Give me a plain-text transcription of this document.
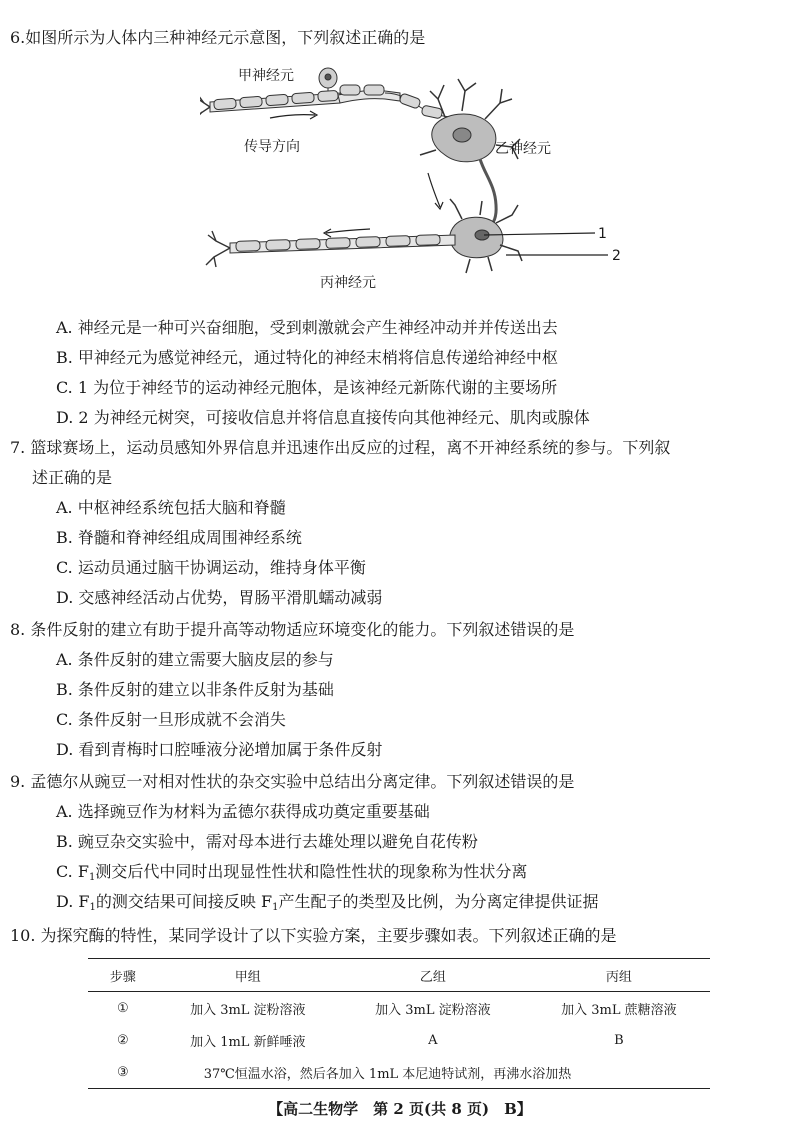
6.如图所示为人体内三种神经元示意图，下列叙述正确的是
甲神经元
传导方向	乙神经元
丙神经元
1
2
A. 神经元是一种可兴奋细胞，受到刺激就会产生神经冲动并并传送出去
B. 甲神经元为感觉神经元，通过特化的神经末梢将信息传递给神经中枢
C. 1 为位于神经节的运动神经元胞体，是该神经元新陈代谢的主要场所
D. 2 为神经元树突，可接收信息并将信息直接传向其他神经元、肌肉或腺体
7. 篮球赛场上，运动员感知外界信息并迅速作出反应的过程，离不开神经系统的参与。下列叙
述正确的是
A. 中枢神经系统包括大脑和脊髓
B. 脊髓和脊神经组成周围神经系统
C. 运动员通过脑干协调运动，维持身体平衡
D. 交感神经活动占优势，胃肠平滑肌蠕动减弱
8. 条件反射的建立有助于提升高等动物适应环境变化的能力。下列叙述错误的是
A. 条件反射的建立需要大脑皮层的参与
B. 条件反射的建立以非条件反射为基础
C. 条件反射一旦形成就不会消失
D. 看到青梅时口腔唾液分泌增加属于条件反射
9. 孟德尔从豌豆一对相对性状的杂交实验中总结出分离定律。下列叙述错误的是
A. 选择豌豆作为材料为孟德尔获得成功奠定重要基础
B. 豌豆杂交实验中，需对母本进行去雄处理以避免自花传粉
C. $F_1$测交后代中同时出现显性性状和隐性性状的现象称为性状分离
D. $F_1$的测交结果可间接反映 $F_1$产生配子的类型及比例，为分离定律提供证据
10. 为探究酶的特性，某同学设计了以下实验方案，主要步骤如表。下列叙述正确的是
步骤	甲组	乙组	丙组
①	加入 3mL 淀粉溶液	加入 3mL 淀粉溶液	加入 3mL 蔗糖溶液
②	加入 1mL 新鲜唾液	A	B
③	37℃恒温水浴，然后各加入 1mL 本尼迪特试剂，再沸水浴加热		
【高二生物学　第 2 页(共 8 页)　B】
